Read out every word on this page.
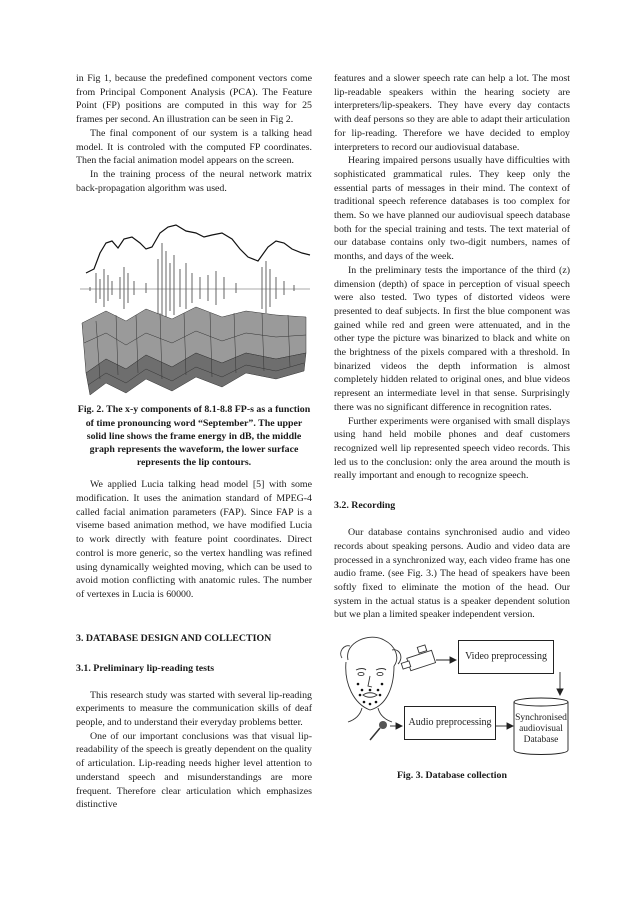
in Fig 1, because the predefined component vectors come from Principal Component Analysis (PCA). The Feature Point (FP) positions are computed in this way for 25 frames per second. An illustration can be seen in Fig 2.

The final component of our system is a talking head model. It is controled with the computed FP coordinates. Then the facial animation model appears on the screen.

In the training process of the neural network matrix back-propagation algorithm was used.

Fig. 2. The x-y components of 8.1-8.8 FP-s as a function of time pronouncing word “September”. The upper solid line shows the frame energy in dB, the middle graph represents the waveform, the lower surface represents the lip contours.

We applied Lucia talking head model [5] with some modification. It uses the animation standard of MPEG-4 called facial animation parameters (FAP). Since FAP is a viseme based animation method, we have modified Lucia to work directly with feature point coordinates. Direct control is more generic, so the vertex handling was refined using dynamically weighted moving, which can be used to avoid motion conflicting with anatomic rules. The number of vertexes in Lucia is 60000.

3. DATABASE DESIGN AND COLLECTION
3.1. Preliminary lip-reading tests

This research study was started with several lip-reading experiments to measure the communication skills of deaf people, and to understand their everyday problems better.

One of our important conclusions was that visual lip-readability of the speech is greatly dependent on the quality of articulation. Lip-reading needs higher level attention to understand speech and misunderstandings are more frequent. Therefore clear articulation which emphasizes distinctive

features and a slower speech rate can help a lot. The most lip-readable speakers within the hearing society are interpreters/lip-speakers. They have every day contacts with deaf persons so they are able to adapt their articulation for lip-reading. Therefore we have decided to employ interpreters to record our audiovisual database.

Hearing impaired persons usually have difficulties with sophisticated grammatical rules. They keep only the essential parts of messages in their mind. The context of traditional speech reference databases is too complex for them. So we have planned our audiovisual speech database both for the special training and tests. The text material of our database contains only two-digit numbers, names of months, and days of the week.

In the preliminary tests the importance of the third (z) dimension (depth) of space in perception of visual speech were also tested. Two types of distorted videos were presented to deaf subjects. In first the blue component was gained while red and green were attenuated, and in the other type the picture was binarized to black and white on the brightness of the pixels compared with a threshold. In binarized videos the depth information is almost completely hidden related to original ones, and blue videos represent an intermediate level in that sense. Surprisingly there was no significant difference in recognition rates.

Further experiments were organised with small displays using hand held mobile phones and deaf customers recognized well lip represented speech video records. This led us to the conclusion: only the area around the mouth is really important and enough to recognize speech.

3.2. Recording

Our database contains synchronised audio and video records about speaking persons. Audio and video data are processed in a synchronized way, each video frame has one audio frame. (see Fig. 3.) The head of speakers have been softly fixed to eliminate the motion of the head. Our system in the actual status is a speaker dependent solution but we plan a limited speaker independent version.

Video preprocessing
Audio preprocessing	Synchronised audiovisual Database

Fig. 3. Database collection
